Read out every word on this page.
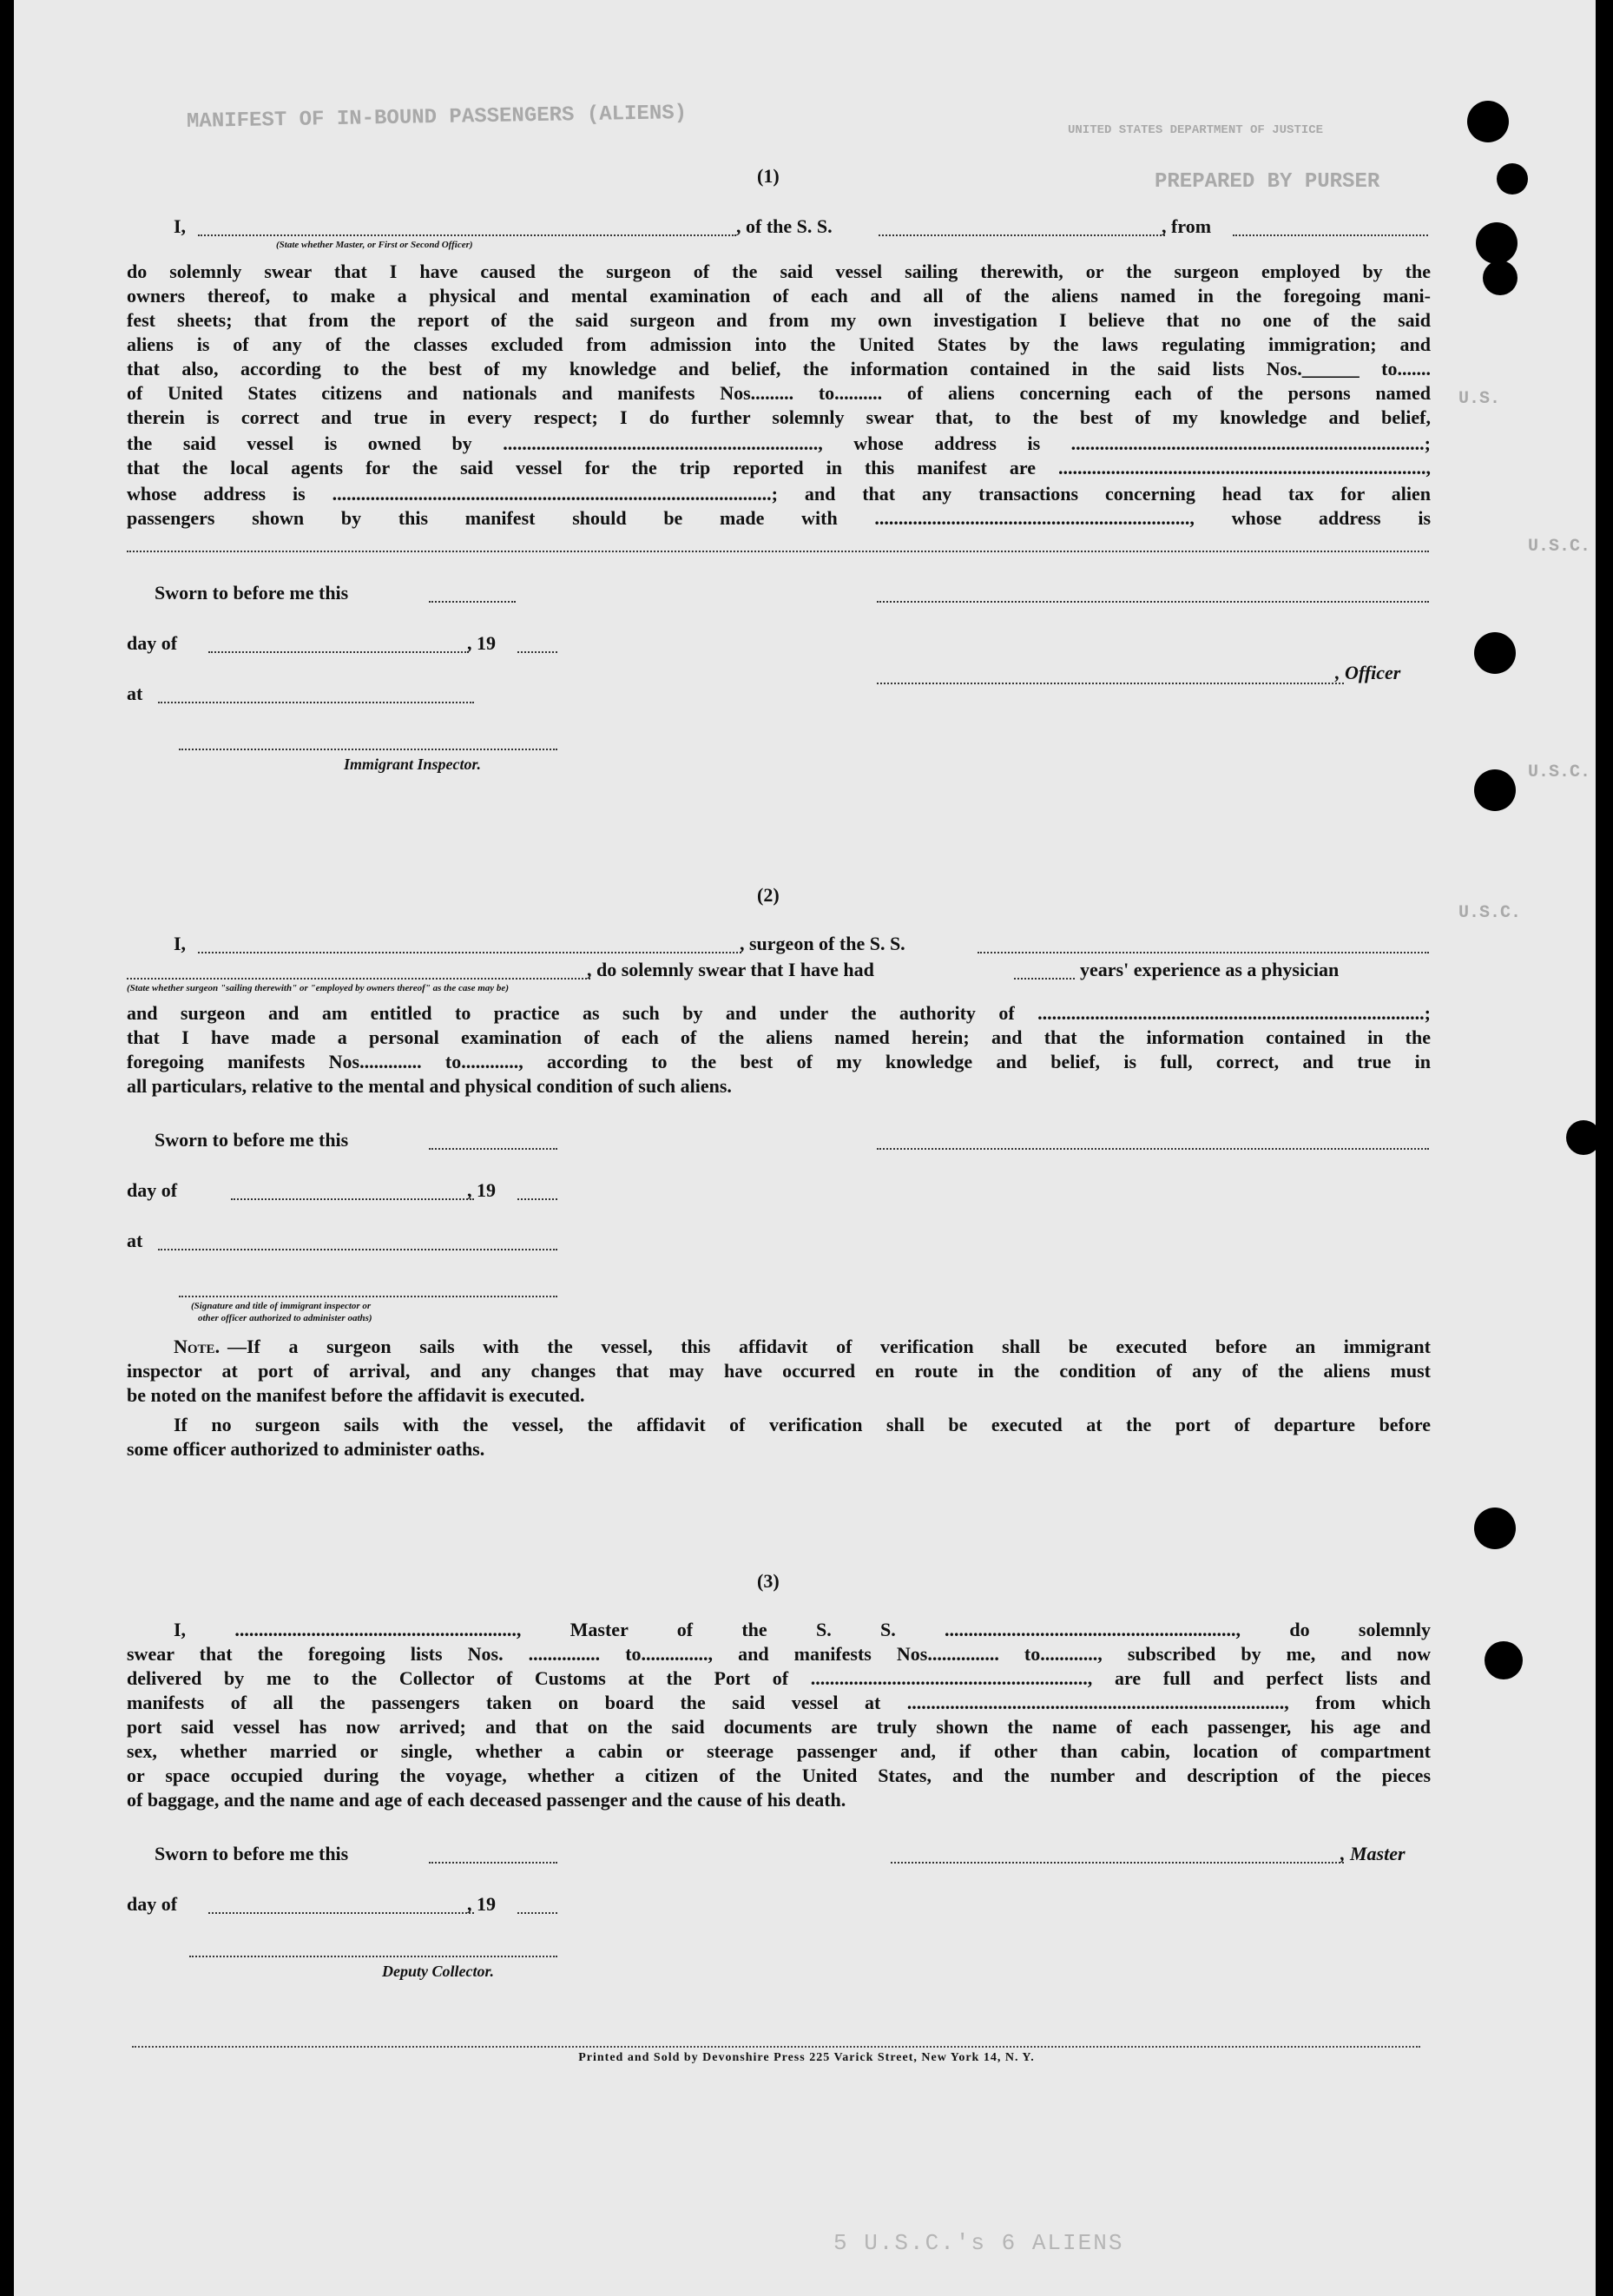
MANIFEST OF IN-BOUND PASSENGERS (ALIENS)
PREPARED BY PURSER
UNITED STATES DEPARTMENT OF JUSTICE
U.S.
U.S.C.
U.S.C.
U.S.C.
5 U.S.C.'s 6 ALIENS
(1)
I,	, of the S. S.	, from
(State whether Master, or First or Second Officer)
do solemnly swear that I have caused the surgeon of the said vessel sailing therewith, or the surgeon employed by the
owners thereof, to make a physical and mental examination of each and all of the aliens named in the foregoing mani-
fest sheets; that from the report of the said surgeon and from my own investigation I believe that no one of the said
aliens is of any of the classes excluded from admission into the United States by the laws regulating immigration; and
that also, according to the best of my knowledge and belief, the information contained in the said lists Nos.______ to.......
of United States citizens and nationals and manifests Nos......... to.......... of aliens concerning each of the persons named
therein is correct and true in every respect; I do further solemnly swear that, to the best of my knowledge and belief,
the said vessel is owned by .................................................................., whose address is ..........................................................................;
that the local agents for the said vessel for the trip reported in this manifest are .............................................................................,
whose address is ............................................................................................; and that any transactions concerning head tax for alien
passengers shown by this manifest should be made with .................................................................., whose address is
Sworn to before me this
day of	, 19
at
, Officer
Immigrant Inspector.
(2)
I,	, surgeon of the S. S.
, do solemnly swear that I have had	years' experience as a physician
(State whether surgeon "sailing therewith" or "employed by owners thereof" as the case may be)
and surgeon and am entitled to practice as such by and under the authority of .................................................................................;
that I have made a personal examination of each of the aliens named herein; and that the information contained in the
foregoing manifests Nos............. to............, according to the best of my knowledge and belief, is full, correct, and true in
all particulars, relative to the mental and physical condition of such aliens.
Sworn to before me this
day of	, 19
at
(Signature and title of immigrant inspector or
other officer authorized to administer oaths)
Note. —If a surgeon sails with the vessel, this affidavit of verification shall be executed before an immigrant
inspector at port of arrival, and any changes that may have occurred en route in the condition of any of the aliens must
be noted on the manifest before the affidavit is executed.
If no surgeon sails with the vessel, the affidavit of verification shall be executed at the port of departure before
some officer authorized to administer oaths.
(3)
I, ..........................................................., Master of the S. S. ............................................................., do solemnly
swear that the foregoing lists Nos. ............... to.............., and manifests Nos............... to............, subscribed by me, and now
delivered by me to the Collector of Customs at the Port of .........................................................., are full and perfect lists and
manifests of all the passengers taken on board the said vessel at ..............................................................................., from which
port said vessel has now arrived; and that on the said documents are truly shown the name of each passenger, his age and
sex, whether married or single, whether a cabin or steerage passenger and, if other than cabin, location of compartment
or space occupied during the voyage, whether a citizen of the United States, and the number and description of the pieces
of baggage, and the name and age of each deceased passenger and the cause of his death.
Sworn to before me this	, Master
day of	, 19
Deputy Collector.
Printed and Sold by Devonshire Press 225 Varick Street, New York 14, N. Y.
